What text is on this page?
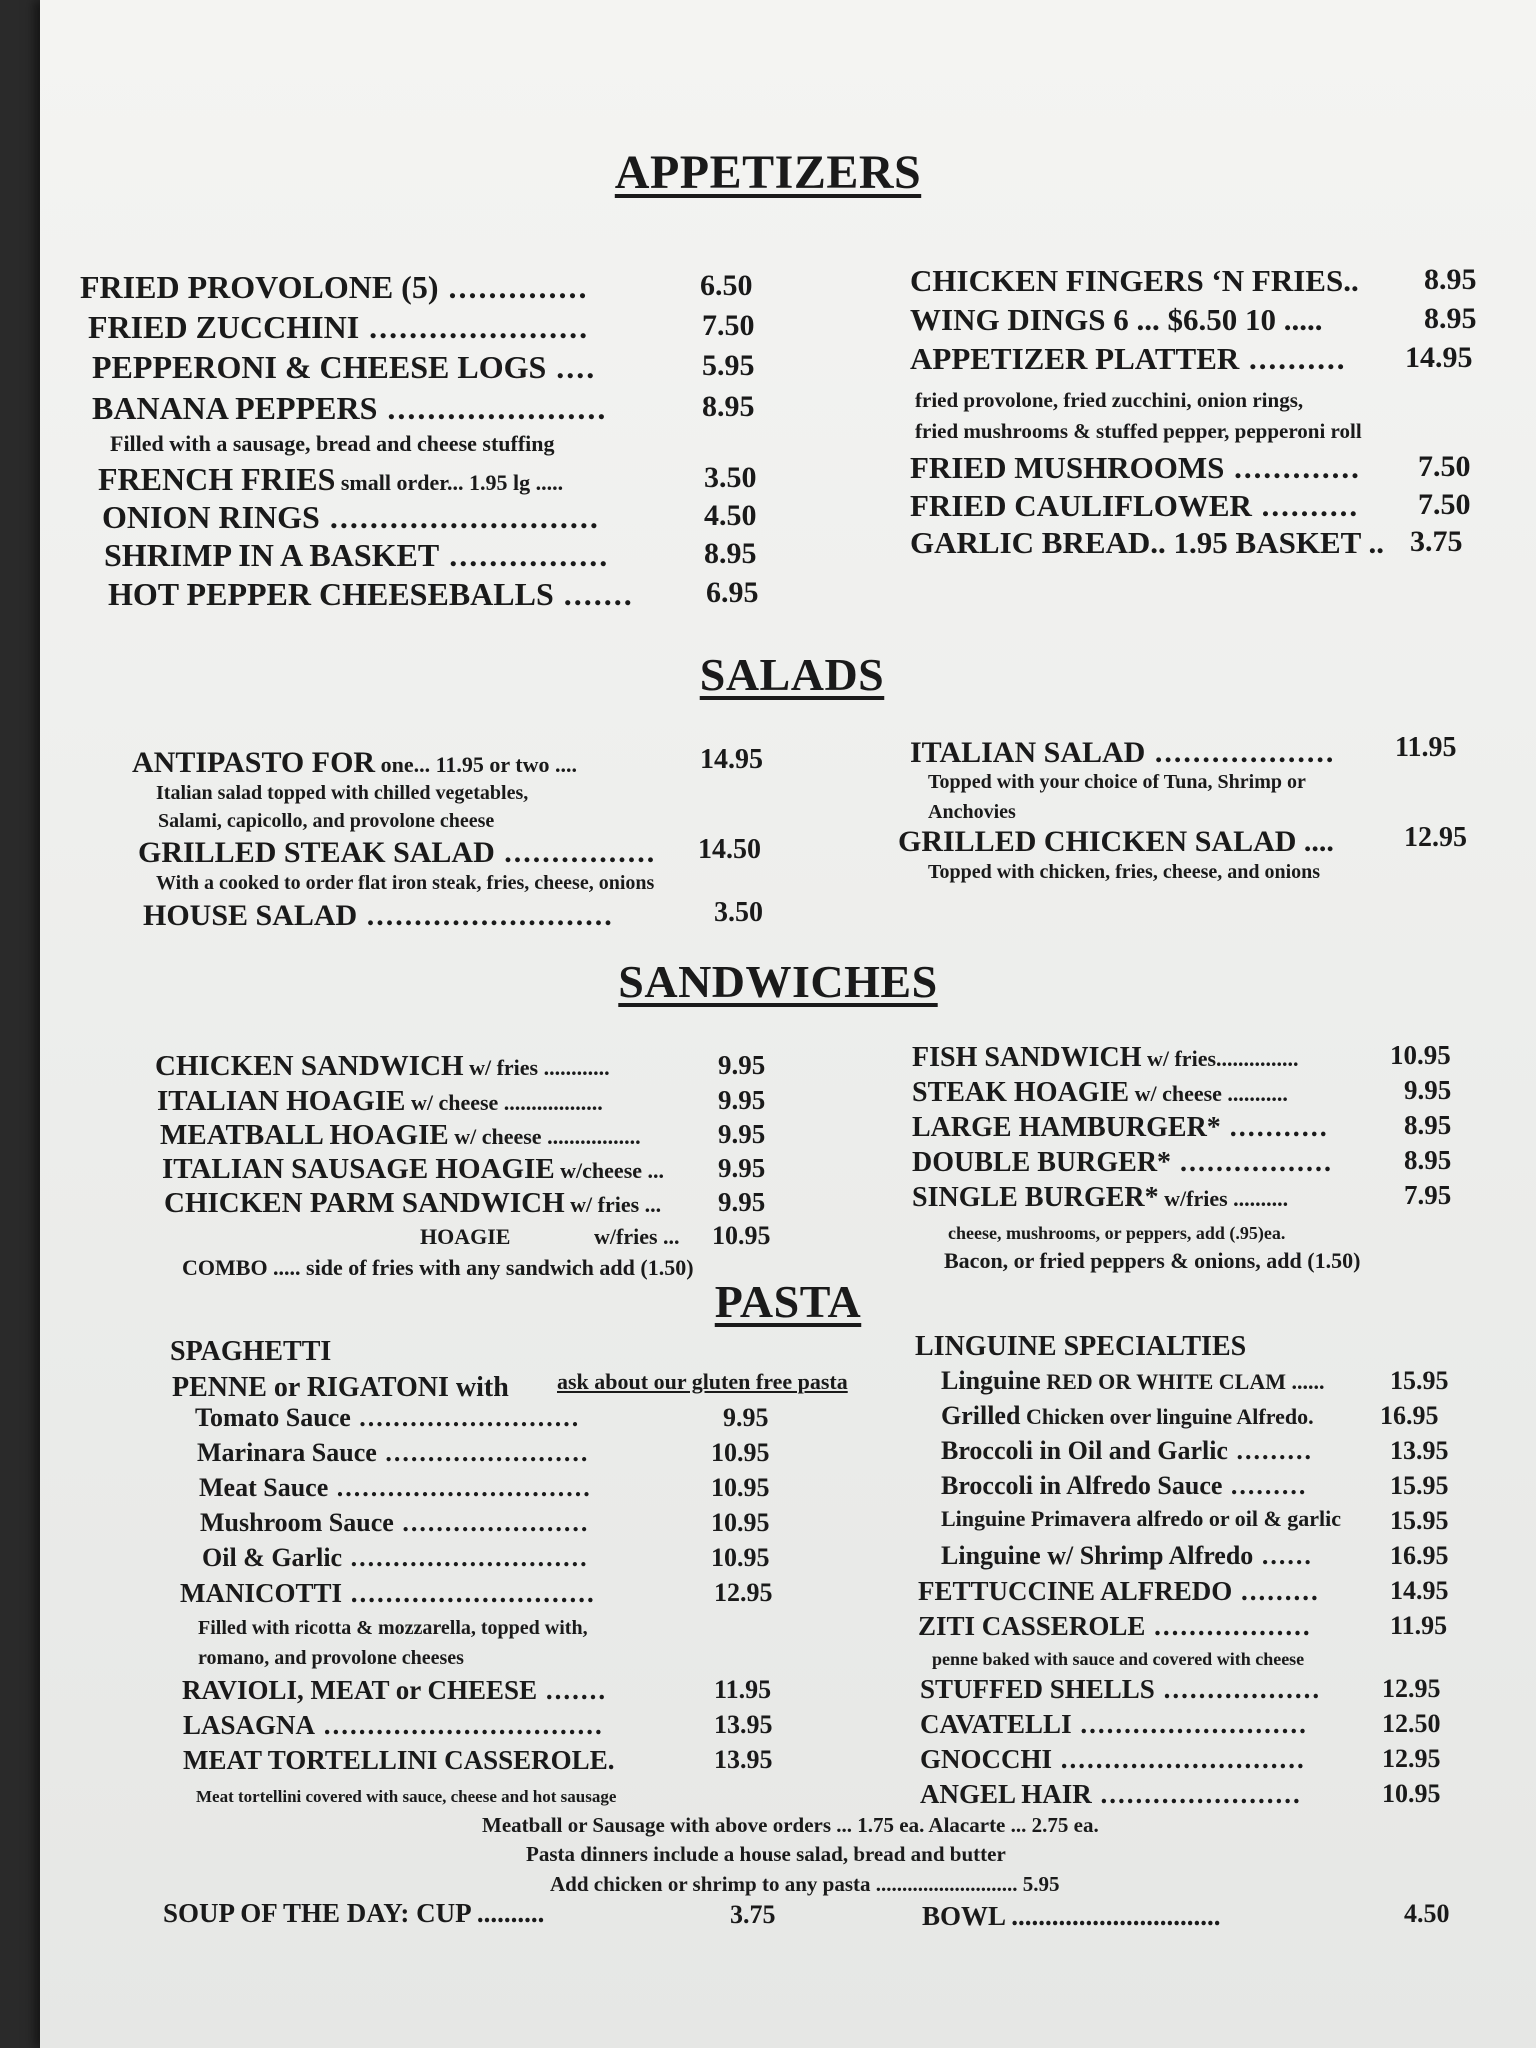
APPETIZERS
SALADS
SANDWICHES
PASTA
FRIED PROVOLONE (5) ..............	6.50
FRIED ZUCCHINI ......................	7.50
PEPPERONI & CHEESE LOGS ....	5.95
BANANA PEPPERS ......................	8.95
Filled with a sausage, bread and cheese stuffing
FRENCH FRIES small order... 1.95 lg .....	3.50
ONION RINGS ...........................	4.50
SHRIMP IN A BASKET ................	8.95
HOT PEPPER CHEESEBALLS ....... 6.95
CHICKEN FINGERS ‘N FRIES.. 8.95
WING DINGS 6 ... $6.50 10 .....	8.95
APPETIZER PLATTER .......... 14.95
fried provolone, fried zucchini, onion rings,
fried mushrooms & stuffed pepper, pepperoni roll
FRIED MUSHROOMS ............. 7.50
FRIED CAULIFLOWER .......... 7.50
GARLIC BREAD.. 1.95 BASKET .. 3.75
ANTIPASTO FOR one... 11.95 or two ....	14.95
Italian salad topped with chilled vegetables,
Salami, capicollo, and provolone cheese
GRILLED STEAK SALAD ................ 14.50
With a cooked to order flat iron steak, fries, cheese, onions
HOUSE SALAD ..........................	3.50
ITALIAN SALAD ................... 11.95
Topped with your choice of Tuna, Shrimp or
Anchovies
GRILLED CHICKEN SALAD ....	12.95
Topped with chicken, fries, cheese, and onions
CHICKEN SANDWICH w/ fries ............	9.95
ITALIAN HOAGIE w/ cheese ..................	9.95
MEATBALL HOAGIE w/ cheese .................	9.95
ITALIAN SAUSAGE HOAGIE w/cheese ... 9.95
CHICKEN PARM SANDWICH w/ fries ... 9.95
HOAGIE	w/fries ... 10.95
COMBO ..... side of fries with any sandwich add (1.50)
FISH SANDWICH w/ fries...............	10.95
STEAK HOAGIE w/ cheese ...........	9.95
LARGE HAMBURGER* ...........	8.95
DOUBLE BURGER* .................	8.95
SINGLE BURGER* w/fries ..........	7.95
cheese, mushrooms, or peppers, add (.95)ea.
Bacon, or fried peppers & onions, add (1.50)
SPAGHETTI
PENNE or RIGATONI with ask about our gluten free pasta
Tomato Sauce ..........................	9.95
Marinara Sauce ........................	10.95
Meat Sauce ..............................	10.95
Mushroom Sauce ......................	10.95
Oil & Garlic ............................	10.95
MANICOTTI ............................	12.95
Filled with ricotta & mozzarella, topped with,
romano, and provolone cheeses
RAVIOLI, MEAT or CHEESE .......	11.95
LASAGNA ................................	13.95
MEAT TORTELLINI CASSEROLE.	13.95
Meat tortellini covered with sauce, cheese and hot sausage
LINGUINE SPECIALTIES
Linguine RED OR WHITE CLAM ......	15.95
Grilled Chicken over linguine Alfredo.	16.95
Broccoli in Oil and Garlic .........	13.95
Broccoli in Alfredo Sauce .........	15.95
Linguine Primavera alfredo or oil & garlic 15.95
Linguine w/ Shrimp Alfredo ......	16.95
FETTUCCINE ALFREDO .........	14.95
ZITI CASSEROLE ..................	11.95
penne baked with sauce and covered with cheese
STUFFED SHELLS .................. 12.95
CAVATELLI ..........................	12.50
GNOCCHI ............................	12.95
ANGEL HAIR .......................	10.95
Meatball or Sausage with above orders ... 1.75 ea. Alacarte ... 2.75 ea.
Pasta dinners include a house salad, bread and butter
Add chicken or shrimp to any pasta ........................... 5.95
SOUP OF THE DAY: CUP ..........	3.75	BOWL ...............................	4.50
